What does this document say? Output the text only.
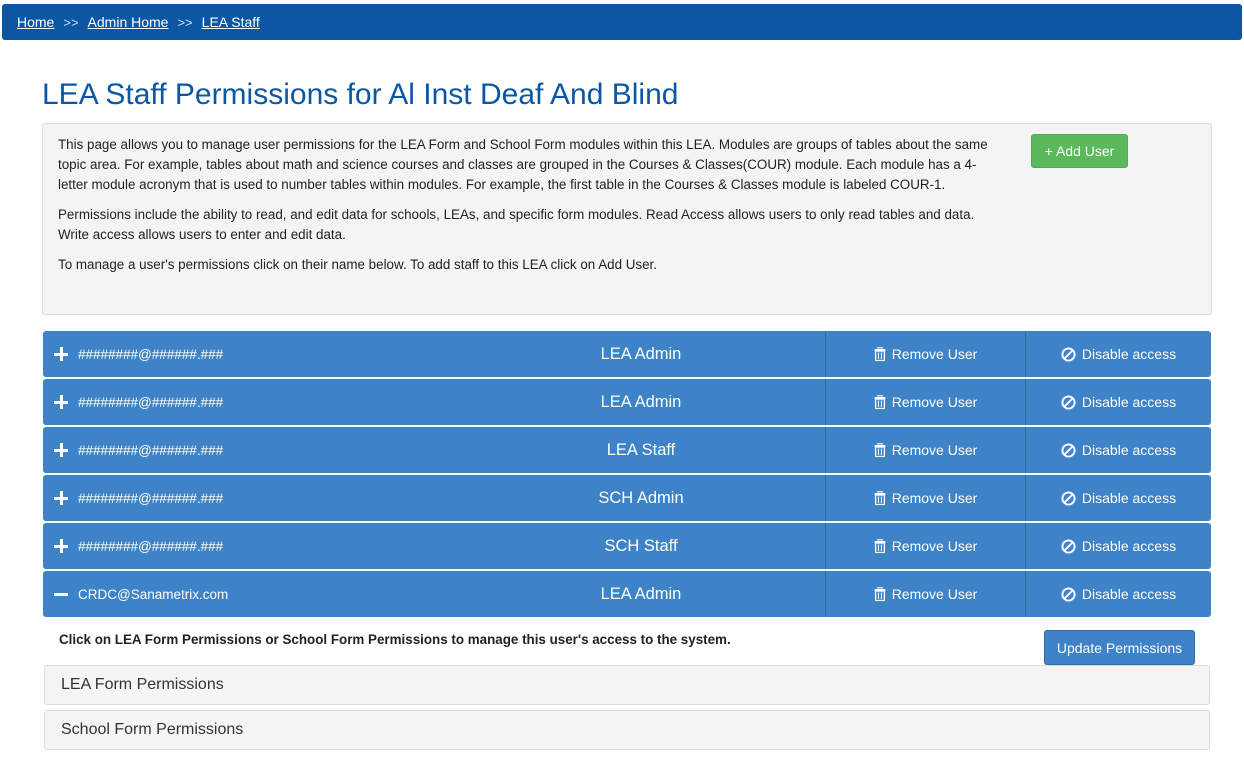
Home >> Admin Home >> LEA Staff
LEA Staff Permissions for Al Inst Deaf And Blind

This page allows you to manage user permissions for the LEA Form and School Form modules within this LEA. Modules are groups of tables about the same topic area. For example, tables about math and science courses and classes are grouped in the Courses & Classes(COUR) module. Each module has a 4-letter module acronym that is used to number tables within modules. For example, the first table in the Courses & Classes module is labeled COUR-1.

Permissions include the ability to read, and edit data for schools, LEAs, and specific form modules. Read Access allows users to only read tables and data. Write access allows users to enter and edit data.

To manage a user's permissions click on their name below. To add staff to this LEA click on Add User.

+ Add User
########@######.###	LEA Admin	Remove User	Disable access
########@######.###	LEA Admin	Remove User	Disable access
########@######.###	LEA Staff	Remove User	Disable access
########@######.###	SCH Admin	Remove User	Disable access
########@######.###	SCH Staff	Remove User	Disable access
CRDC@Sanametrix.com	LEA Admin	Remove User	Disable access
Click on LEA Form Permissions or School Form Permissions to manage this user's access to the system.	Update Permissions
LEA Form Permissions
School Form Permissions
